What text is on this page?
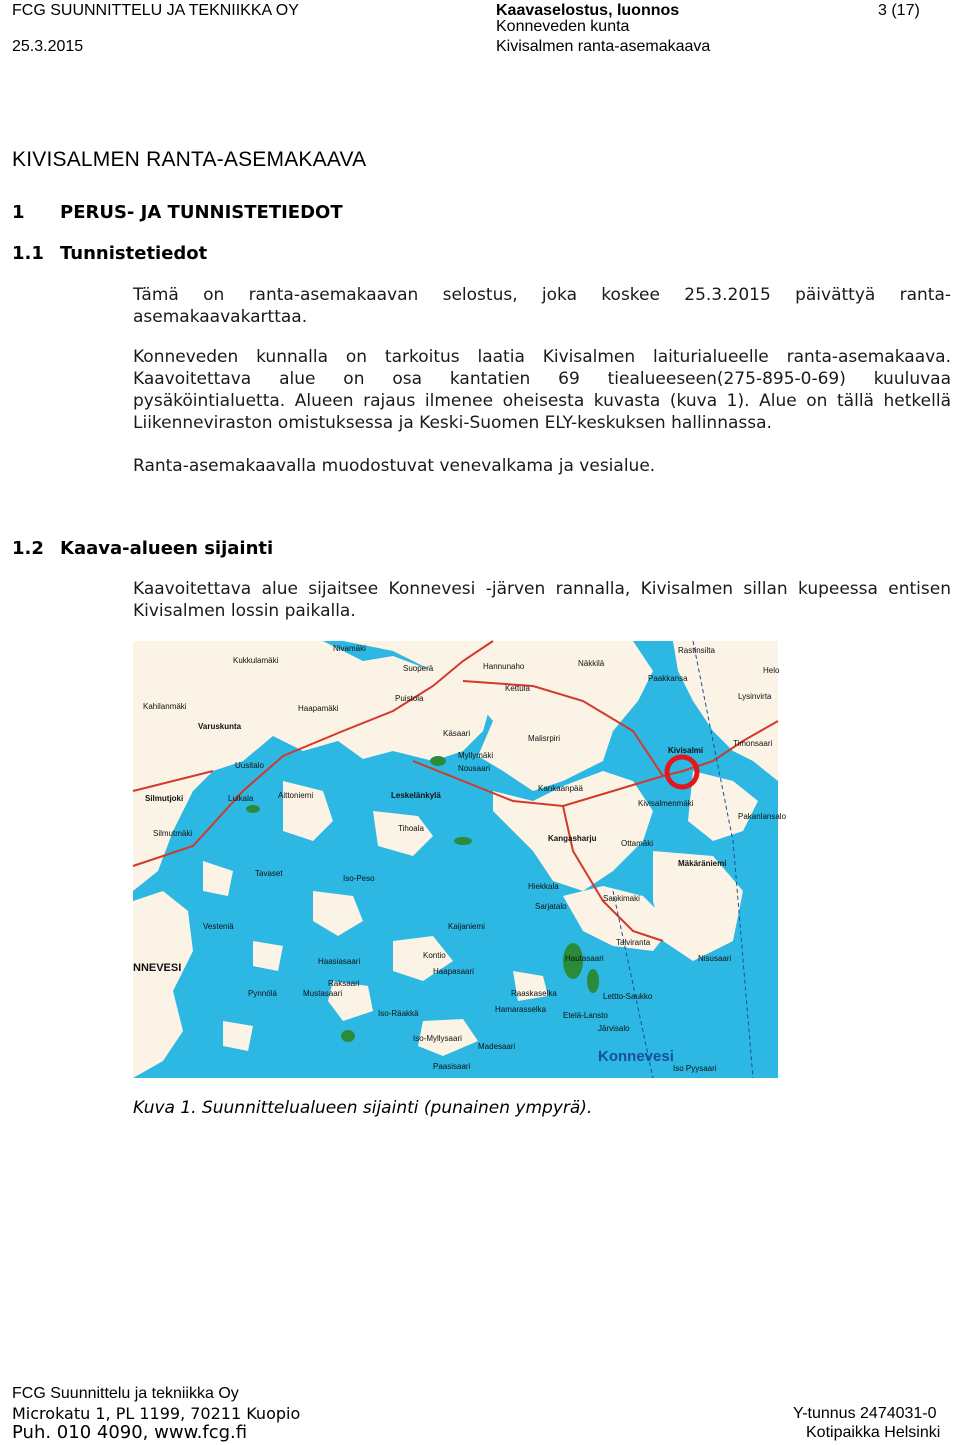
FCG SUUNNITTELU JA TEKNIIKKA OY
25.3.2015
Kaavaselostus, luonnos
Konneveden kunta
Kivisalmen ranta-asemakaava
3 (17)
KIVISALMEN RANTA-ASEMAKAAVA
1 PERUS- JA TUNNISTETIEDOT
1.1 Tunnistetiedot
Tämä on ranta-asemakaavan selostus, joka koskee 25.3.2015 päivättyä ranta-asemakaavakarttaa.
Konneveden kunnalla on tarkoitus laatia Kivisalmen laiturialueelle ranta-asemakaava. Kaavoitettava alue on osa kantatien 69 tiealueeseen(275-895-0-69) kuuluvaa pysäköintialuetta. Alueen rajaus ilmenee oheisesta kuvasta (kuva 1). Alue on tällä hetkellä Liikenneviraston omistuksessa ja Keski-Suomen ELY-keskuksen hallinnassa.
Ranta-asemakaavalla muodostuvat venevalkama ja vesialue.
1.2 Kaava-alueen sijainti
Kaavoitettava alue sijaitsee Konnevesi -järven rannalla, Kivisalmen sillan kupeessa entisen Kivisalmen lossin paikalla.
Nivamäki
Kukkulamäki
Hannunaho	Näkkilä
Rastinsilta
Helo
Suoperä
Kettula
Paakkansa
Haapamäki
Puistola	Lysinvirta
Kahilanmäki
Varuskunta
Käsaari
Malisrpiri
Kivisalmi
Timonsaari
Uusitalo	Nousaari
Myllymäki
Silmutjoki	Luikala	Aittoniemi	Leskelänkylä
Kankaanpää
Kivisalmenmäki
Pakanlansalo
Silmutmäki
Tihoala
Kangasharju
Ottamäki
Tavaset
Hiekkala
Mäkäräniemi
Sarjatalo
Sankimaki
Iso-Peso
Vesteniä	Kaijaniemi
Talvirantа
Nisusaari
NNEVESI
Haasiasaari
Kontio	Hautasaari
Haapasaari
Raaskaselka	Lettto-Saukko
Pynnölä	Mustasaari
Raksaari
Hamarasselka
Etelä-Lansto
Järvisalo
Iso-Räakkä
Iso-Myllysaari
Madesaari
Konnevesi
Paasisaari	Iso Pyysaari
Kuva 1. Suunnittelualueen sijainti (punainen ympyrä).
FCG Suunnittelu ja tekniikka Oy
Microkatu 1, PL 1199, 70211 Kuopio
Puh. 010 4090, www.fcg.fi
Y-tunnus 2474031-0
Kotipaikka Helsinki
